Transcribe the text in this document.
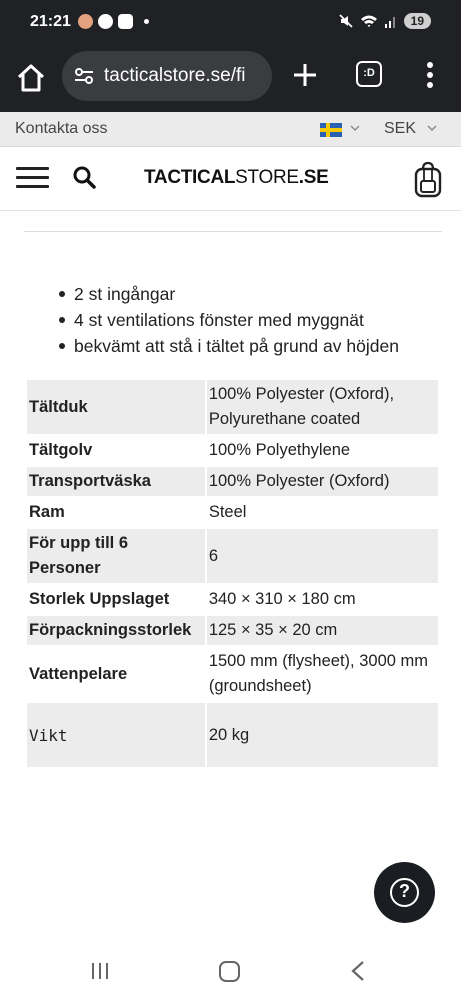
21:21	19
tacticalstore.se/fi	:D
Kontakta oss	SEK
TACTICALSTORE.SE
2 st ingångar
4 st ventilations fönster med myggnät
bekvämt att stå i tältet på grund av höjden
Tältduk	100% Polyester (Oxford), Polyurethane coated
Tältgolv	100% Polyethylene
Transportväska	100% Polyester (Oxford)
Ram	Steel
För upp till 6 Personer	6
Storlek Uppslaget	340 × 310 × 180 cm
Förpackningsstorlek	125 × 35 × 20 cm
Vattenpelare	1500 mm (flysheet), 3000 mm (groundsheet)
Vikt	20 kg
?
